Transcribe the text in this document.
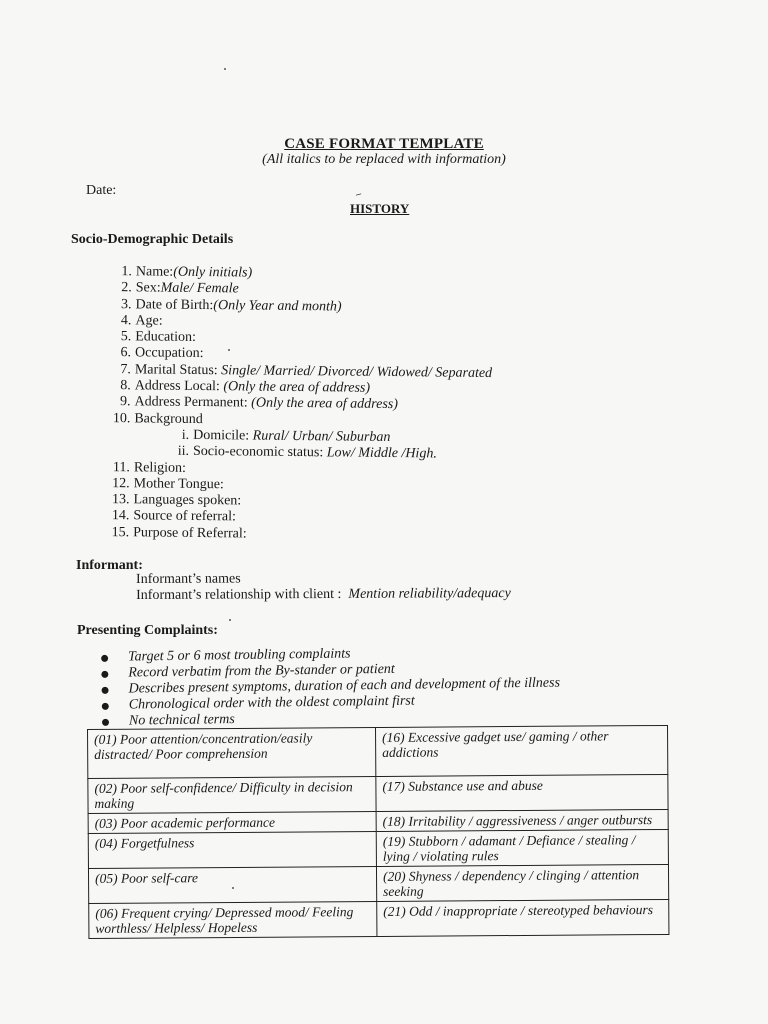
CASE FORMAT TEMPLATE
(All italics to be replaced with information)
Date:	⸝
HISTORY
Socio-Demographic Details
1. Name: (Only initials)
2. Sex: Male/ Female
3. Date of Birth: (Only Year and month)
4. Age:
5. Education:
6. Occupation:
7. Marital Status:
Single/ Married/ Divorced/ Widowed/ Separated
8. Address Local:
(Only the area of address)
9. Address Permanent:
(Only the area of address)
10. Background
i. Domicile:
Rural/ Urban/ Suburban
ii. Socio-economic status:
Low/ Middle /High.
11. Religion:
12. Mother Tongue:
13. Languages spoken:
14. Source of referral:
15. Purpose of Referral:
Informant:
Informant’s names
Informant’s relationship with client :  Mention reliability/adequacy
Presenting Complaints:
Target 5 or 6 most troubling complaints
Record verbatim from the By-stander or patient
Describes present symptoms, duration of each and development of the illness
Chronological order with the oldest complaint first
No technical terms
(01) Poor attention/concentration/easily distracted/ Poor comprehension	(16) Excessive gadget use/ gaming / other addictions
(02) Poor self-confidence/ Difficulty in decision making	(17) Substance use and abuse
(03) Poor academic performance	(18) Irritability / aggressiveness / anger outbursts
(04) Forgetfulness	(19) Stubborn / adamant / Defiance / stealing / lying / violating rules
(05) Poor self-care	(20) Shyness / dependency / clinging / attention seeking
(06) Frequent crying/ Depressed mood/ Feeling worthless/ Helpless/ Hopeless	(21) Odd / inappropriate / stereotyped behaviours
